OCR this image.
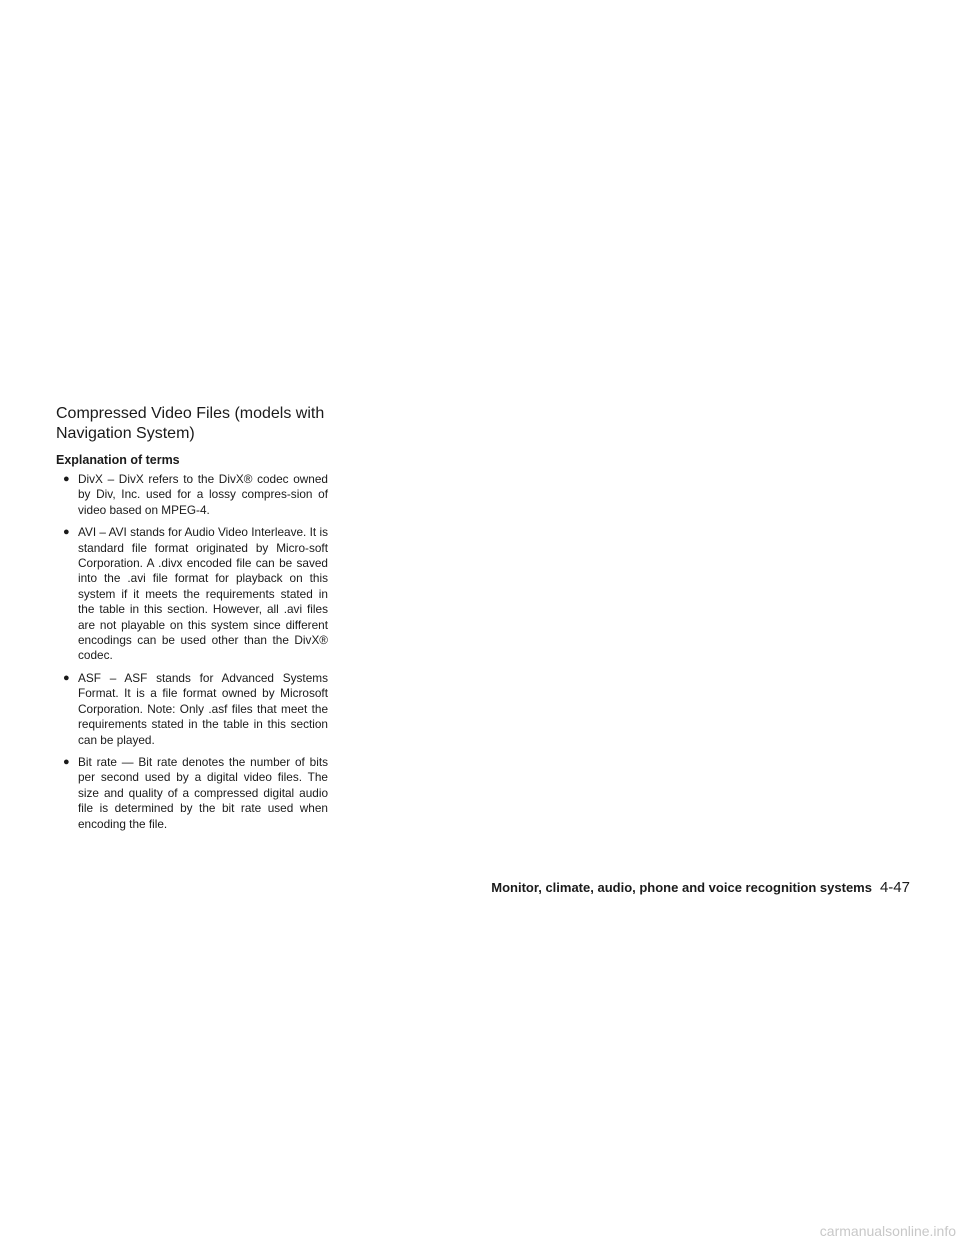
Compressed Video Files (models with Navigation System)
Explanation of terms
● DivX – DivX refers to the DivX® codec owned by Div, Inc. used for a lossy compres-sion of video based on MPEG-4.
● AVI – AVI stands for Audio Video Interleave. It is standard file format originated by Micro-soft Corporation. A .divx encoded file can be saved into the .avi file format for playback on this system if it meets the requirements stated in the table in this section. However, all .avi files are not playable on this system since different encodings can be used other than the DivX® codec.
● ASF – ASF stands for Advanced Systems Format. It is a file format owned by Microsoft Corporation. Note: Only .asf files that meet the requirements stated in the table in this section can be played.
● Bit rate — Bit rate denotes the number of bits per second used by a digital video files. The size and quality of a compressed digital audio file is determined by the bit rate used when encoding the file.
Monitor, climate, audio, phone and voice recognition systems 4-47
carmanualsonline.info
